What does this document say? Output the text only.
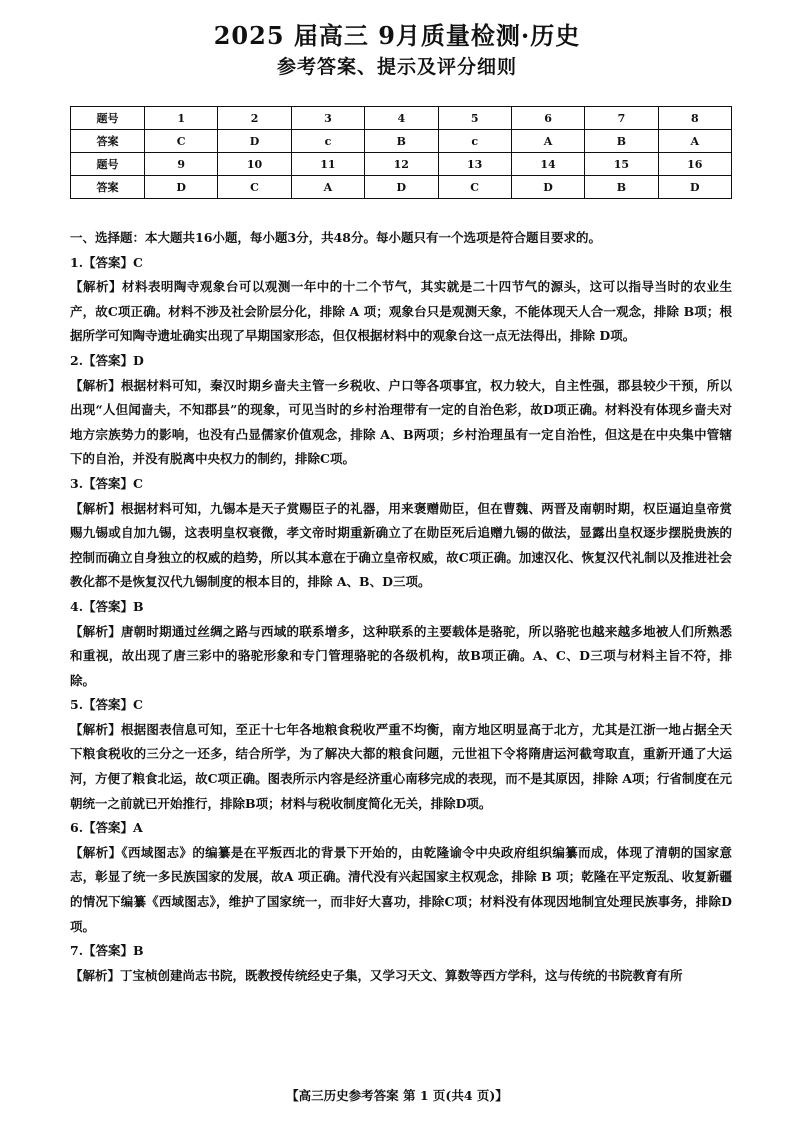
2025 届高三 9月质量检测·历史
参考答案、提示及评分细则
题号	1	2	3	4	5	6	7	8
答案	C	D	c	B	c	A	B	A
题号	9	10	11	12	13	14	15	16
答案	D	C	A	D	C	D	B	D

一、选择题：本大题共16小题，每小题3分，共48分。每小题只有一个选项是符合题目要求的。

1.【答案】C

【解析】材料表明陶寺观象台可以观测一年中的十二个节气，其实就是二十四节气的源头，这可以指导当时的农业生产，故C项正确。材料不涉及社会阶层分化，排除 A 项；观象台只是观测天象，不能体现天人合一观念，排除 B项；根据所学可知陶寺遗址确实出现了早期国家形态，但仅根据材料中的观象台这一点无法得出，排除 D项。

2.【答案】D

【解析】根据材料可知，秦汉时期乡啬夫主管一乡税收、户口等各项事宜，权力较大，自主性强，郡县较少干预，所以出现“人但闻啬夫，不知郡县”的现象，可见当时的乡村治理带有一定的自治色彩，故D项正确。材料没有体现乡啬夫对地方宗族势力的影响，也没有凸显儒家价值观念，排除 A、B两项；乡村治理虽有一定自治性，但这是在中央集中管辖下的自治，并没有脱离中央权力的制约，排除C项。

3.【答案】C

【解析】根据材料可知，九锡本是天子赏赐臣子的礼器，用来褒赠勋臣，但在曹魏、两晋及南朝时期，权臣逼迫皇帝赏赐九锡或自加九锡，这表明皇权衰微，孝文帝时期重新确立了在勋臣死后追赠九锡的做法，显露出皇权逐步摆脱贵族的控制而确立自身独立的权威的趋势，所以其本意在于确立皇帝权威，故C项正确。加速汉化、恢复汉代礼制以及推进社会教化都不是恢复汉代九锡制度的根本目的，排除 A、B、D三项。

4.【答案】B

【解析】唐朝时期通过丝绸之路与西域的联系增多，这种联系的主要载体是骆驼，所以骆驼也越来越多地被人们所熟悉和重视，故出现了唐三彩中的骆驼形象和专门管理骆驼的各级机构，故B项正确。A、C、D三项与材料主旨不符，排除。

5.【答案】C

【解析】根据图表信息可知，至正十七年各地粮食税收严重不均衡，南方地区明显高于北方，尤其是江浙一地占据全天下粮食税收的三分之一还多，结合所学，为了解决大都的粮食问题，元世祖下令将隋唐运河截弯取直，重新开通了大运河，方便了粮食北运，故C项正确。图表所示内容是经济重心南移完成的表现，而不是其原因，排除 A项；行省制度在元朝统一之前就已开始推行，排除B项；材料与税收制度简化无关，排除D项。

6.【答案】A

【解析】《西域图志》的编纂是在平叛西北的背景下开始的，由乾隆谕令中央政府组织编纂而成，体现了清朝的国家意志，彰显了统一多民族国家的发展，故A 项正确。清代没有兴起国家主权观念，排除 B 项；乾隆在平定叛乱、收复新疆的情况下编纂《西域图志》，维护了国家统一，而非好大喜功，排除C项；材料没有体现因地制宜处理民族事务，排除D项。

7.【答案】B

【解析】丁宝桢创建尚志书院，既教授传统经史子集，又学习天文、算数等西方学科，这与传统的书院教育有所

【高三历史参考答案 第 1 页(共4 页)】
